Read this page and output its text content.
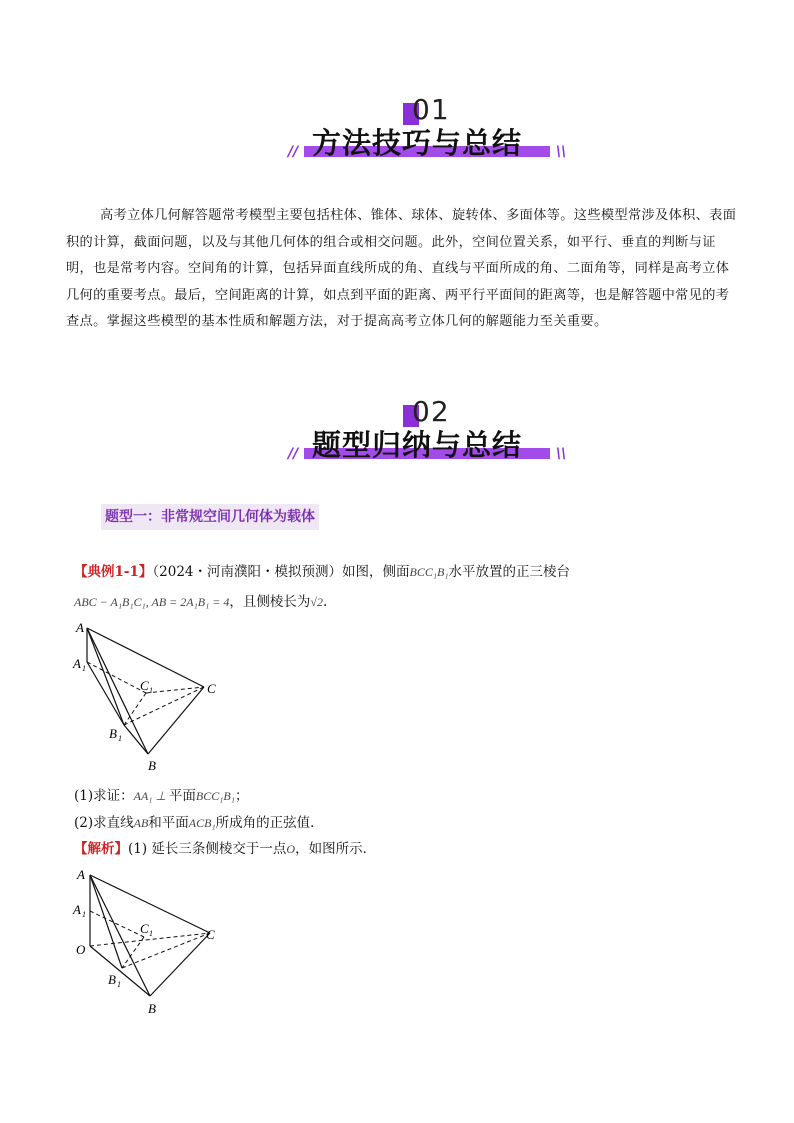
01
方法技巧与总结
//	\\
高考立体几何解答题常考模型主要包括柱体、锥体、球体、旋转体、多面体等。这些模型常涉及体积、表面积的计算，截面问题，以及与其他几何体的组合或相交问题。此外，空间位置关系，如平行、垂直的判断与证明，也是常考内容。空间角的计算，包括异面直线所成的角、直线与平面所成的角、二面角等，同样是高考立体几何的重要考点。最后，空间距离的计算，如点到平面的距离、两平行平面间的距离等，也是解答题中常见的考查点。掌握这些模型的基本性质和解题方法，对于提高高考立体几何的解题能力至关重要。
02
题型归纳与总结
//	\\
题型一：非常规空间几何体为载体
【典例1-1】（2024・河南濮阳・模拟预测）如图，侧面BCC₁B₁水平放置的正三棱台
ABC − A₁B₁C₁, AB = 2A₁B₁ = 4，且侧棱长为√2.
A
A 1
C 1	C
B 1
B
(1)求证：AA₁ ⊥ 平面BCC₁B₁；
(2)求直线AB和平面ACB₁所成角的正弦值．
【解析】(1) 延长三条侧棱交于一点O，如图所示．
A
A 1
O
C 1	C
B 1
B
